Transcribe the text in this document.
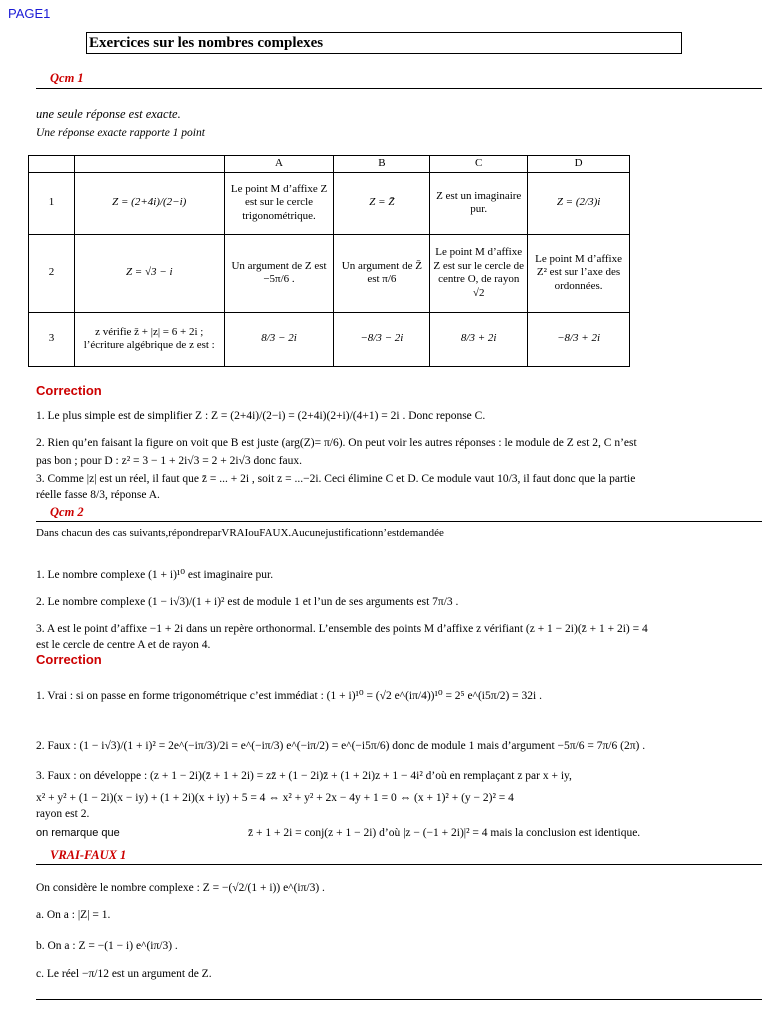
PAGE1
Exercices sur les nombres complexes
Qcm 1
une seule réponse est exacte.
Une réponse exacte rapporte 1 point
		A	B	C	D
1	Z = (2+4i)/(2−i)	Le point M d’affixe Z est sur le cercle trigonométrique.	Z = Z̄	Z est un imaginaire pur.	Z = (2/3)i
2	Z = √3 − i	Un argument de Z est −5π/6 .	Un argument de Z̄ est π/6	Le point M d’affixe Z est sur le cercle de centre O, de rayon √2	Le point M d’affixe Z² est sur l’axe des ordonnées.
3	z vérifie z̄ + |z| = 6 + 2i ; l’écriture algébrique de z est :	8/3 − 2i	−8/3 − 2i	8/3 + 2i	−8/3 + 2i
Correction
1. Le plus simple est de simplifier Z : Z = (2+4i)/(2−i) = (2+4i)(2+i)/(4+1) = 2i . Donc reponse C.
2. Rien qu’en faisant la figure on voit que B est juste (arg(Z)= π/6). On peut voir les autres réponses : le module de Z est 2, C n’est
pas bon ; pour D : z² = 3 − 1 + 2i√3 = 2 + 2i√3 donc faux.
3. Comme |z| est un réel, il faut que z̄ = ... + 2i , soit z = ...−2i. Ceci élimine C et D. Ce module vaut 10/3, il faut donc que la partie
réelle fasse 8/3, réponse A.
Qcm 2
Dans chacun des cas suivants,répondreparVRAIouFAUX.Aucunejustificationn’estdemandée
1. Le nombre complexe (1 + i)¹⁰ est imaginaire pur.
2. Le nombre complexe (1 − i√3)/(1 + i)² est de module 1 et l’un de ses arguments est 7π/3 .
3. A est le point d’affixe −1 + 2i dans un repère orthonormal. L’ensemble des points M d’affixe z vérifiant (z + 1 − 2i)(z̄ + 1 + 2i) = 4
est le cercle de centre A et de rayon 4.
Correction
1. Vrai : si on passe en forme trigonométrique c’est immédiat : (1 + i)¹⁰ = (√2 e^(iπ/4))¹⁰ = 2⁵ e^(i5π/2) = 32i .
2. Faux : (1 − i√3)/(1 + i)² = 2e^(−iπ/3)/2i = e^(−iπ/3) e^(−iπ/2) = e^(−i5π/6) donc de module 1 mais d’argument −5π/6 = 7π/6 (2π) .
3. Faux : on développe : (z + 1 − 2i)(z̄ + 1 + 2i) = zz̄ + (1 − 2i)z̄ + (1 + 2i)z + 1 − 4i² d’où en remplaçant z par x + iy,
x² + y² + (1 − 2i)(x − iy) + (1 + 2i)(x + iy) + 5 = 4 ⇔ x² + y² + 2x − 4y + 1 = 0 ⇔ (x + 1)² + (y − 2)² = 4
rayon est 2.
on remarque que	z̄ + 1 + 2i = conj(z + 1 − 2i) d’où |z − (−1 + 2i)|² = 4 mais la conclusion est identique.
VRAI-FAUX 1
On considère le nombre complexe : Z = −(√2/(1 + i)) e^(iπ/3) .
a. On a : |Z| = 1.
b. On a : Z = −(1 − i) e^(iπ/3) .
c. Le réel −π/12 est un argument de Z.
